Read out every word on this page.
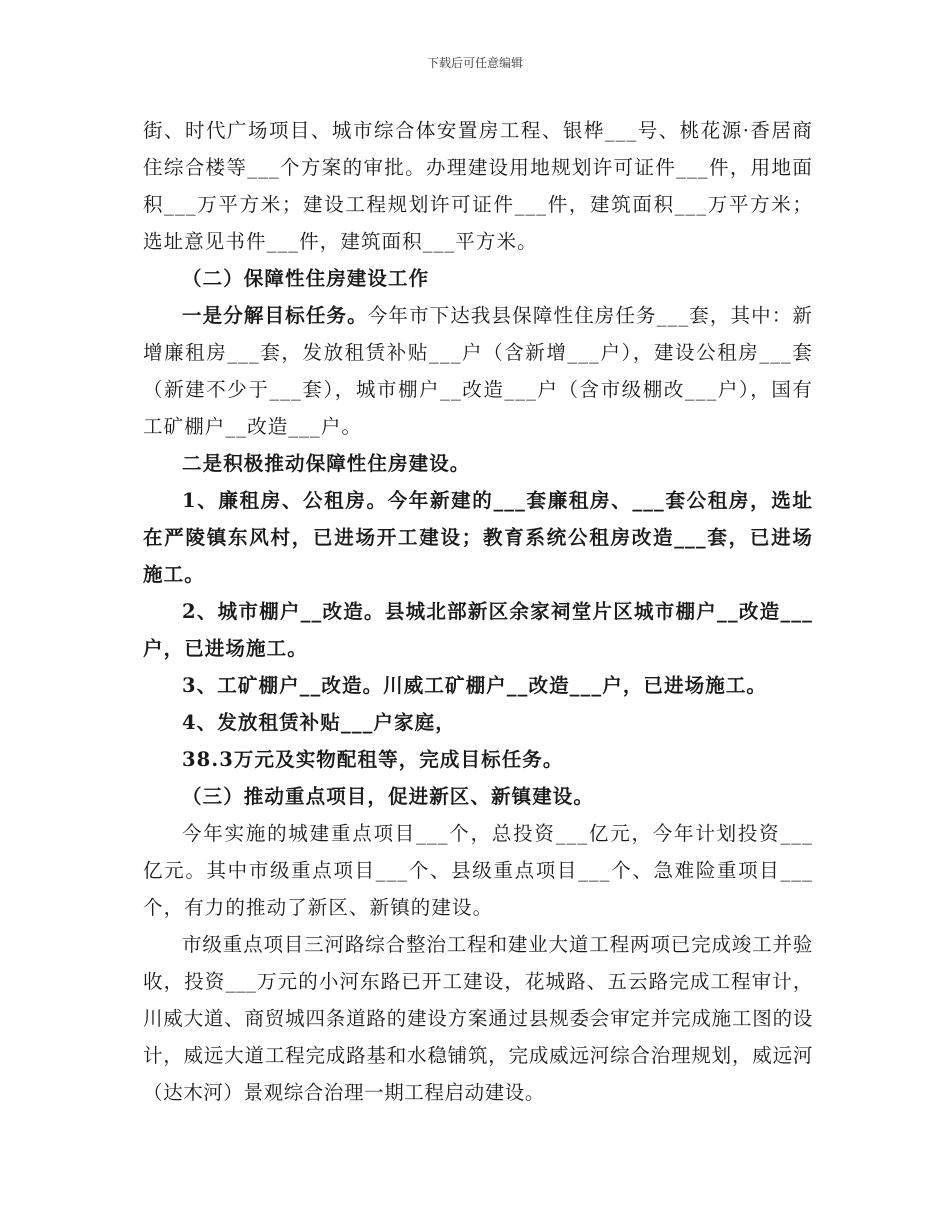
下载后可任意编辑

街、时代广场项目、城市综合体安置房工程、银桦___号、桃花源·香居商住综合楼等___个方案的审批。办理建设用地规划许可证件___件，用地面积___万平方米；建设工程规划许可证件___件，建筑面积___万平方米；选址意见书件___件，建筑面积___平方米。

（二）保障性住房建设工作

一是分解目标任务。今年市下达我县保障性住房任务___套，其中：新增廉租房___套，发放租赁补贴___户（含新增___户），建设公租房___套（新建不少于___套），城市棚户__改造___户（含市级棚改___户），国有工矿棚户__改造___户。

二是积极推动保障性住房建设。

1、廉租房、公租房。今年新建的___套廉租房、___套公租房，选址在严陵镇东风村，已进场开工建设；教育系统公租房改造___套，已进场施工。

2、城市棚户__改造。县城北部新区余家祠堂片区城市棚户__改造___户，已进场施工。

3、工矿棚户__改造。川威工矿棚户__改造___户，已进场施工。

4、发放租赁补贴___户家庭，

38.3万元及实物配租等，完成目标任务。

（三）推动重点项目，促进新区、新镇建设。

今年实施的城建重点项目___个，总投资___亿元，今年计划投资___亿元。其中市级重点项目___个、县级重点项目___个、急难险重项目___个，有力的推动了新区、新镇的建设。

市级重点项目三河路综合整治工程和建业大道工程两项已完成竣工并验收，投资___万元的小河东路已开工建设，花城路、五云路完成工程审计，川威大道、商贸城四条道路的建设方案通过县规委会审定并完成施工图的设计，威远大道工程完成路基和水稳铺筑，完成威远河综合治理规划，威远河（达木河）景观综合治理一期工程启动建设。
